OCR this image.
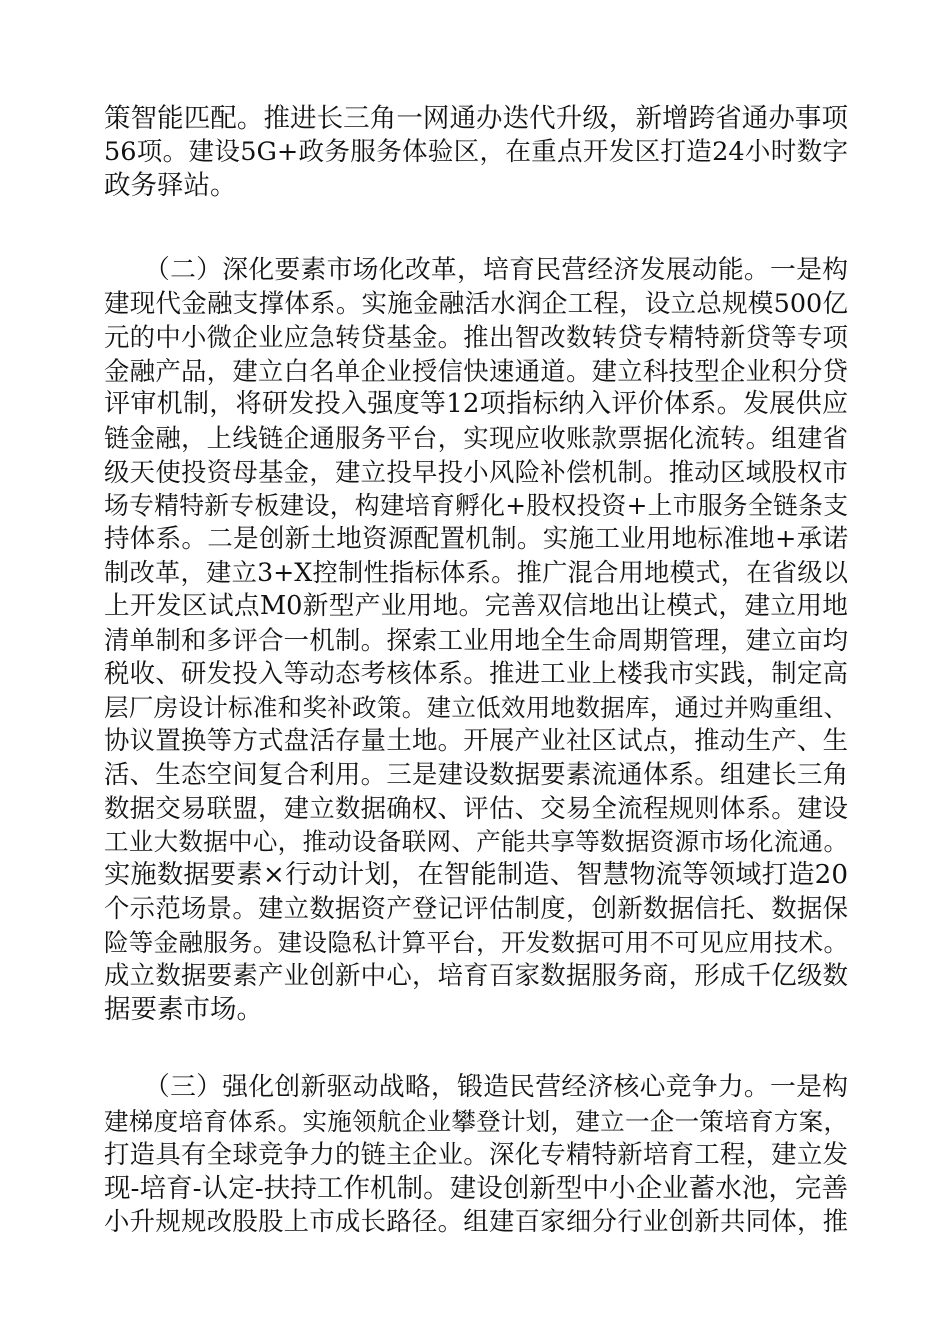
策智能匹配。推进长三角一网通办迭代升级，新增跨省通办事项
56项。建设5G+政务服务体验区，在重点开发区打造24小时数字
政务驿站。
（二）深化要素市场化改革，培育民营经济发展动能。一是构
建现代金融支撑体系。实施金融活水润企工程，设立总规模500亿
元的中小微企业应急转贷基金。推出智改数转贷专精特新贷等专项
金融产品，建立白名单企业授信快速通道。建立科技型企业积分贷
评审机制，将研发投入强度等12项指标纳入评价体系。发展供应
链金融，上线链企通服务平台，实现应收账款票据化流转。组建省
级天使投资母基金，建立投早投小风险补偿机制。推动区域股权市
场专精特新专板建设，构建培育孵化+股权投资+上市服务全链条支
持体系。二是创新土地资源配置机制。实施工业用地标准地+承诺
制改革，建立3+X控制性指标体系。推广混合用地模式，在省级以
上开发区试点M0新型产业用地。完善双信地出让模式，建立用地
清单制和多评合一机制。探索工业用地全生命周期管理，建立亩均
税收、研发投入等动态考核体系。推进工业上楼我市实践，制定高
层厂房设计标准和奖补政策。建立低效用地数据库，通过并购重组、
协议置换等方式盘活存量土地。开展产业社区试点，推动生产、生
活、生态空间复合利用。三是建设数据要素流通体系。组建长三角
数据交易联盟，建立数据确权、评估、交易全流程规则体系。建设
工业大数据中心，推动设备联网、产能共享等数据资源市场化流通。
实施数据要素×行动计划，在智能制造、智慧物流等领域打造20
个示范场景。建立数据资产登记评估制度，创新数据信托、数据保
险等金融服务。建设隐私计算平台，开发数据可用不可见应用技术。
成立数据要素产业创新中心，培育百家数据服务商，形成千亿级数
据要素市场。
（三）强化创新驱动战略，锻造民营经济核心竞争力。一是构
建梯度培育体系。实施领航企业攀登计划，建立一企一策培育方案，
打造具有全球竞争力的链主企业。深化专精特新培育工程，建立发
现-培育-认定-扶持工作机制。建设创新型中小企业蓄水池，完善
小升规规改股股上市成长路径。组建百家细分行业创新共同体，推
